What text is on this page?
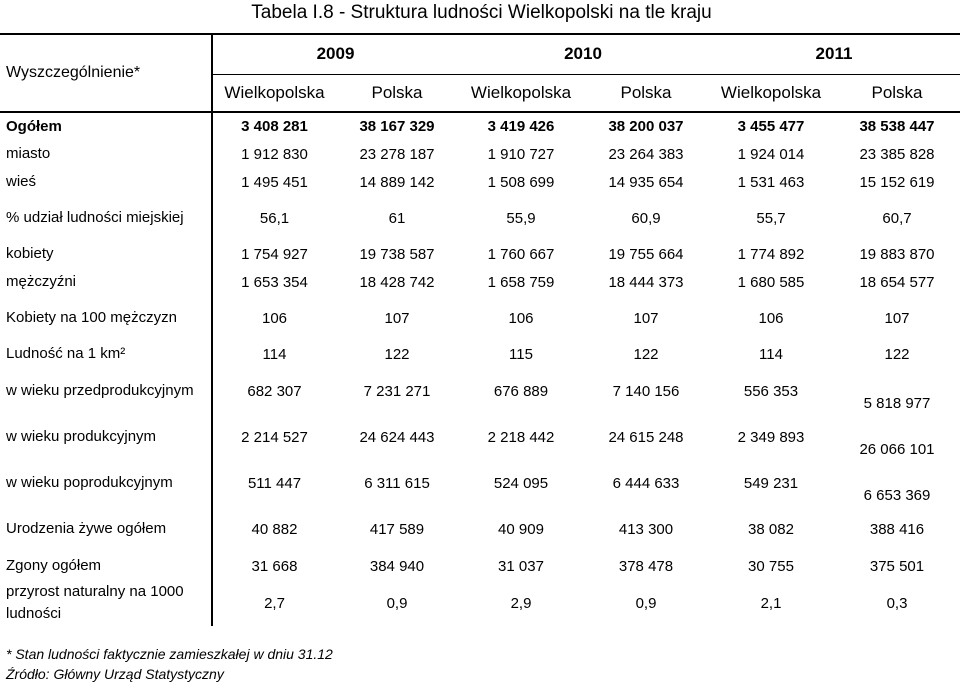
Tabela I.8 - Struktura ludności Wielkopolski na tle kraju
Wyszczególnienie*	2009		2010		2011	
	Wielkopolska	Polska	Wielkopolska	Polska	Wielkopolska	Polska
Ogółem	3 408 281	38 167 329	3 419 426	38 200 037	3 455 477	38 538 447
miasto	1 912 830	23 278 187	1 910 727	23 264 383	1 924 014	23 385 828
wieś	1 495 451	14 889 142	1 508 699	14 935 654	1 531 463	15 152 619
% udział ludności miejskiej	56,1	61	55,9	60,9	55,7	60,7
kobiety	1 754 927	19 738 587	1 760 667	19 755 664	1 774 892	19 883 870
mężczyźni	1 653 354	18 428 742	1 658 759	18 444 373	1 680 585	18 654 577
Kobiety na 100 mężczyzn	106	107	106	107	106	107
Ludność na 1 km²	114	122	115	122	114	122
w wieku przedprodukcyjnym	682 307	7 231 271	676 889	7 140 156	556 353	5 818 977
w wieku produkcyjnym	2 214 527	24 624 443	2 218 442	24 615 248	2 349 893	26 066 101
w wieku poprodukcyjnym	511 447	6 311 615	524 095	6 444 633	549 231	6 653 369
Urodzenia żywe ogółem	40 882	417 589	40 909	413 300	38 082	388 416
Zgony ogółem	31 668	384 940	31 037	378 478	30 755	375 501
przyrost naturalny na 1000 ludności	2,7	0,9	2,9	0,9	2,1	0,3
* Stan ludności faktycznie zamieszkałej w dniu 31.12
Źródło: Główny Urząd Statystyczny
